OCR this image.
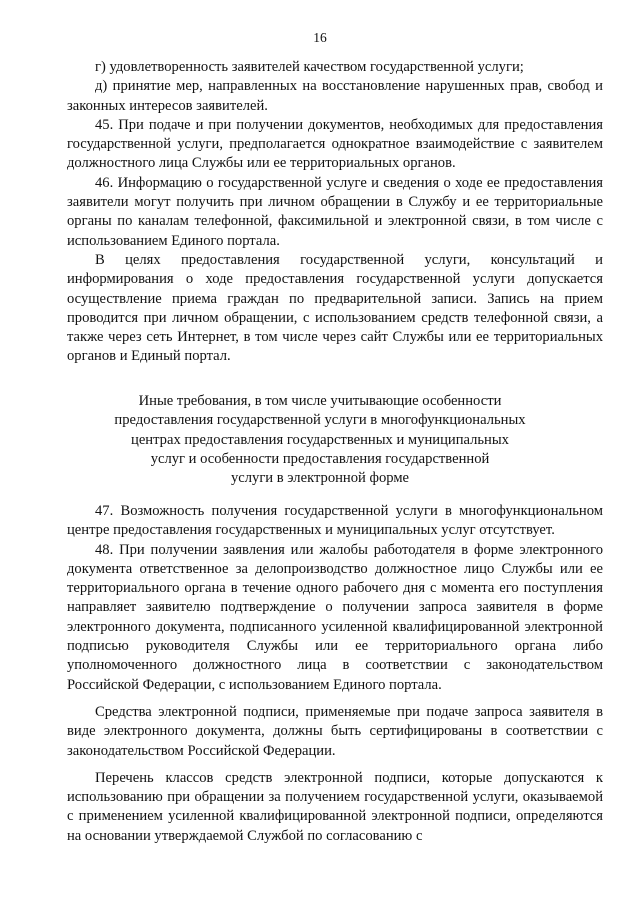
16

г) удовлетворенность заявителей качеством государственной услуги;

д) принятие мер, направленных на восстановление нарушенных прав, свобод и законных интересов заявителей.

45. При подаче и при получении документов, необходимых для предоставления государственной услуги, предполагается однократное взаимодействие с заявителем должностного лица Службы или ее территориальных органов.

46. Информацию о государственной услуге и сведения о ходе ее предоставления заявители могут получить при личном обращении в Службу и ее территориальные органы по каналам телефонной, факсимильной и электронной связи, в том числе с использованием Единого портала.

В целях предоставления государственной услуги, консультаций и информирования о ходе предоставления государственной услуги допускается осуществление приема граждан по предварительной записи. Запись на прием проводится при личном обращении, с использованием средств телефонной связи, а также через сеть Интернет, в том числе через сайт Службы или ее территориальных органов и Единый портал.

Иные требования, в том числе учитывающие особенности
предоставления государственной услуги в многофункциональных
центрах предоставления государственных и муниципальных
услуг и особенности предоставления государственной
услуги в электронной форме

47. Возможность получения государственной услуги в многофункциональном центре предоставления государственных и муниципальных услуг отсутствует.

48. При получении заявления или жалобы работодателя в форме электронного документа ответственное за делопроизводство должностное лицо Службы или ее территориального органа в течение одного рабочего дня с момента его поступления направляет заявителю подтверждение о получении запроса заявителя в форме электронного документа, подписанного усиленной квалифицированной электронной подписью руководителя Службы или ее территориального органа либо уполномоченного должностного лица в соответствии с законодательством Российской Федерации, с использованием Единого портала.

Средства электронной подписи, применяемые при подаче запроса заявителя в виде электронного документа, должны быть сертифицированы в соответствии с законодательством Российской Федерации.

Перечень классов средств электронной подписи, которые допускаются к использованию при обращении за получением государственной услуги, оказываемой с применением усиленной квалифицированной электронной подписи, определяются на основании утверждаемой Службой по согласованию с
